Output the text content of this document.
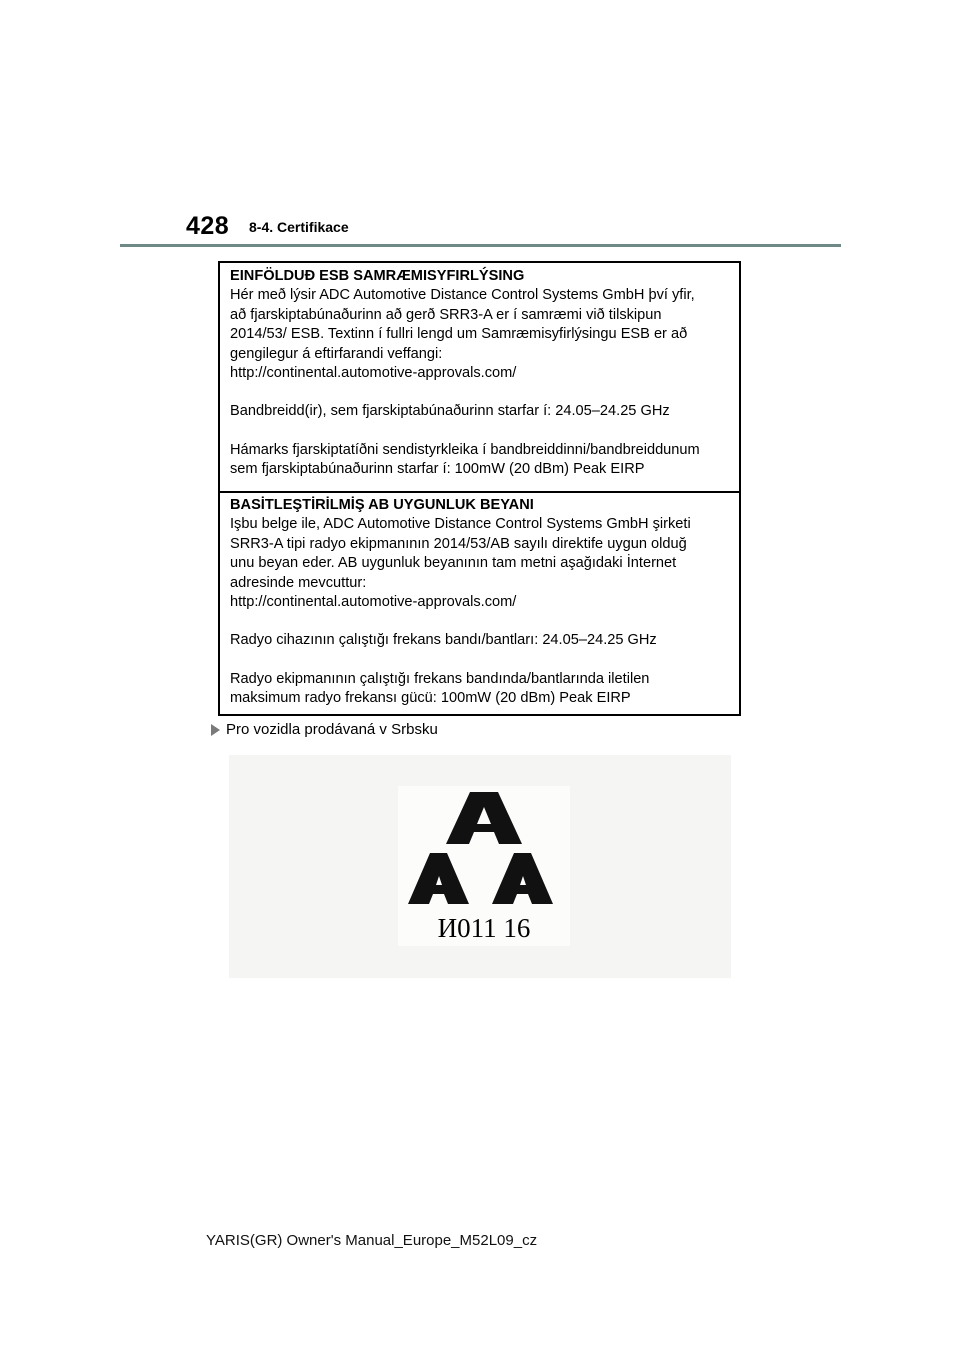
428 8-4. Certifikace
EINFÖLDUÐ ESB SAMRÆMISYFIRLÝSING
Hér með lýsir ADC Automotive Distance Control Systems GmbH því yfir,
að fjarskiptabúnaðurinn að gerð SRR3-A er í samræmi við tilskipun
2014/53/ ESB. Textinn í fullri lengd um Samræmisyfirlýsingu ESB er að
gengilegur á eftirfarandi veffangi:
http://continental.automotive-approvals.com/
Bandbreidd(ir), sem fjarskiptabúnaðurinn starfar í: 24.05–24.25 GHz
Hámarks fjarskiptatíðni sendistyrkleika í bandbreiddinni/bandbreiddunum
sem fjarskiptabúnaðurinn starfar í: 100mW (20 dBm) Peak EIRP
BASİTLEŞTİRİLMİŞ AB UYGUNLUK BEYANI
Işbu belge ile, ADC Automotive Distance Control Systems GmbH şirketi
SRR3-A tipi radyo ekipmanının 2014/53/AB sayılı direktife uygun olduğ
unu beyan eder. AB uygunluk beyanının tam metni aşağıdaki İnternet
adresinde mevcuttur:
http://continental.automotive-approvals.com/
Radyo cihazının çalıştığı frekans bandı/bantları: 24.05–24.25 GHz
Radyo ekipmanının çalıştığı frekans bandında/bantlarında iletilen
maksimum radyo frekansı gücü: 100mW (20 dBm) Peak EIRP
Pro vozidla prodávaná v Srbsku
И011 16
YARIS(GR) Owner's Manual_Europe_M52L09_cz
